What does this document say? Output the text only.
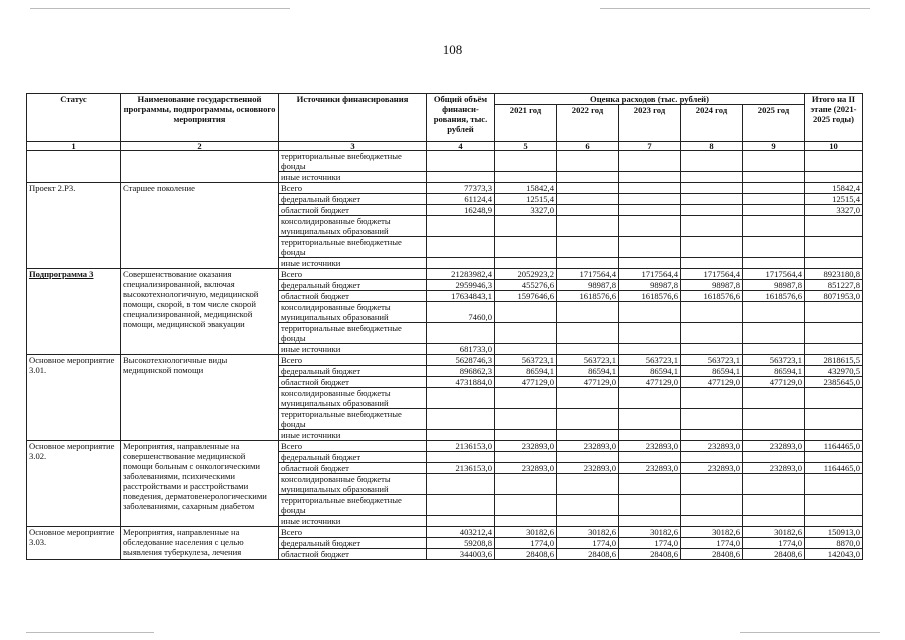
108
Статус	Наименование государственной программы, подпрограммы, основного мероприятия	Источники финансирования	Общий объём финанси-рования, тыс. рублей	Оценка расходов (тыс. рублей)					Итого на II этапе (2021-2025 годы)
				2021 год	2022 год	2023 год	2024 год	2025 год	
1	2	3	4	5	6	7	8	9	10
		территориальные внебюджетные фонды							
		иные источники							
Проект 2.Р3.	Старшее поколение	Всего	77373,3	15842,4					15842,4
		федеральный бюджет	61124,4	12515,4					12515,4
		областной бюджет	16248,9	3327,0					3327,0
		консолидированные бюджеты муниципальных образований							
		территориальные внебюджетные фонды							
		иные источники							
Подпрограмма 3	Совершенствование оказания специализированной, включая высокотехнологичную, медицинской помощи, скорой, в том числе скорой специализированной, медицинской помощи, медицинской эвакуации	Всего	21283982,4	2052923,2	1717564,4	1717564,4	1717564,4	1717564,4	8923180,8
		федеральный бюджет	2959946,3	455276,6	98987,8	98987,8	98987,8	98987,8	851227,8
		областной бюджет	17634843,1	1597646,6	1618576,6	1618576,6	1618576,6	1618576,6	8071953,0
		консолидированные бюджеты муниципальных образований	7460,0						
		территориальные внебюджетные фонды							
		иные источники	681733,0						
Основное мероприятие 3.01.	Высокотехнологичные виды медицинской помощи	Всего	5628746,3	563723,1	563723,1	563723,1	563723,1	563723,1	2818615,5
		федеральный бюджет	896862,3	86594,1	86594,1	86594,1	86594,1	86594,1	432970,5
		областной бюджет	4731884,0	477129,0	477129,0	477129,0	477129,0	477129,0	2385645,0
		консолидированные бюджеты муниципальных образований							
		территориальные внебюджетные фонды							
		иные источники							
Основное мероприятие 3.02.	Мероприятия, направленные на совершенствование медицинской помощи больным с онкологическими заболеваниями, психическими расстройствами и расстройствами поведения, дерматовенерологическими заболеваниями, сахарным диабетом	Всего	2136153,0	232893,0	232893,0	232893,0	232893,0	232893,0	1164465,0
		федеральный бюджет							
		областной бюджет	2136153,0	232893,0	232893,0	232893,0	232893,0	232893,0	1164465,0
		консолидированные бюджеты муниципальных образований							
		территориальные внебюджетные фонды							
		иные источники							
Основное мероприятие 3.03.	Мероприятия, направленные на обследование населения с целью выявления туберкулеза, лечения	Всего	403212,4	30182,6	30182,6	30182,6	30182,6	30182,6	150913,0
		федеральный бюджет	59208,8	1774,0	1774,0	1774,0	1774,0	1774,0	8870,0
		областной бюджет	344003,6	28408,6	28408,6	28408,6	28408,6	28408,6	142043,0
